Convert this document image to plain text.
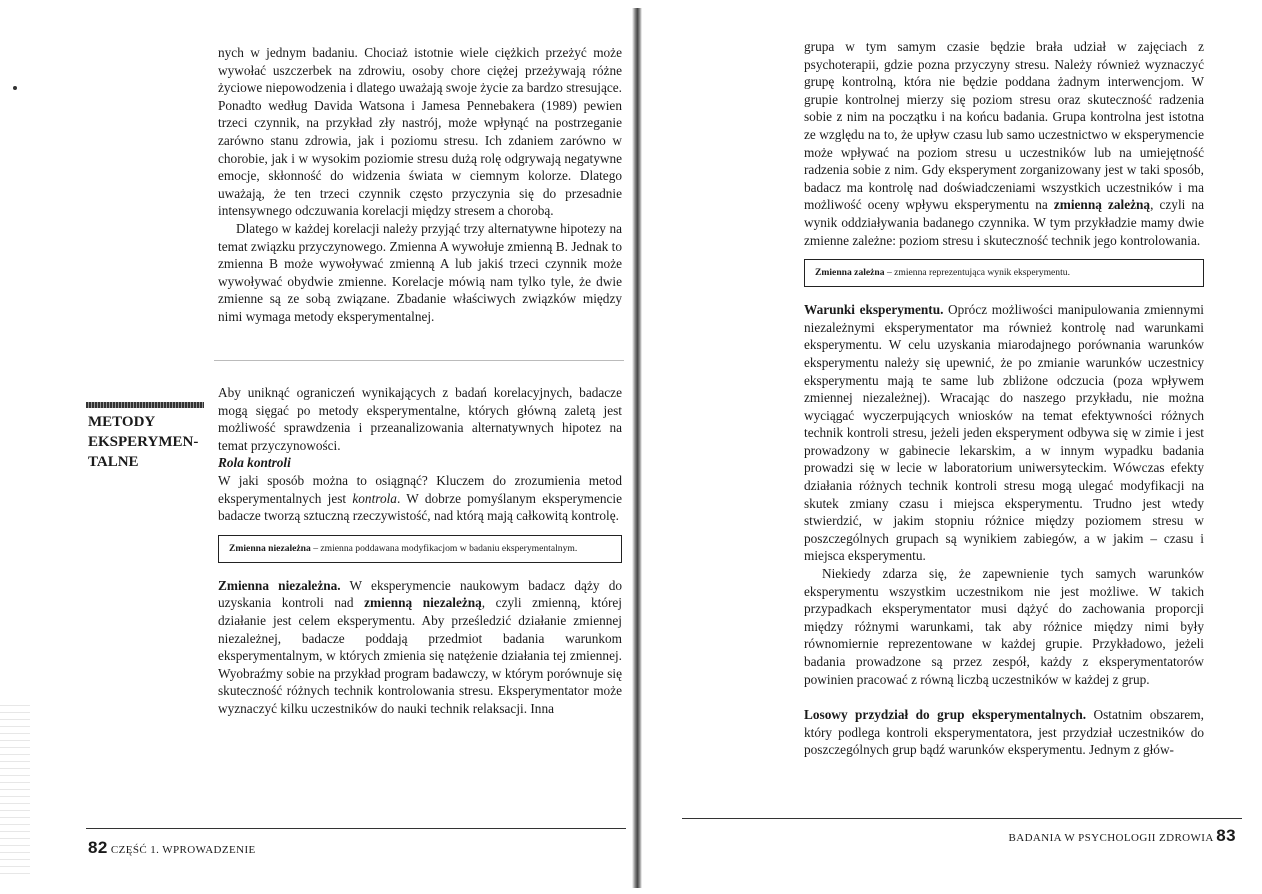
nych w jednym badaniu. Chociaż istotnie wiele ciężkich przeżyć może wywołać uszczerbek na zdrowiu, osoby chore ciężej przeżywają różne życiowe niepowodzenia i dlatego uważają swoje życie za bardzo stresujące. Ponadto według Davida Watsona i Jamesa Pennebakera (1989) pewien trzeci czynnik, na przykład zły nastrój, może wpłynąć na postrzeganie zarówno stanu zdrowia, jak i poziomu stresu. Ich zdaniem zarówno w chorobie, jak i w wysokim poziomie stresu dużą rolę odgrywają negatywne emocje, skłonność do widzenia świata w ciemnym kolorze. Dlatego uważają, że ten trzeci czynnik często przyczynia się do przesadnie intensywnego odczuwania korelacji między stresem a chorobą.

Dlatego w każdej korelacji należy przyjąć trzy alternatywne hipotezy na temat związku przyczynowego. Zmienna A wywołuje zmienną B. Jednak to zmienna B może wywoływać zmienną A lub jakiś trzeci czynnik może wywoływać obydwie zmienne. Korelacje mówią nam tylko tyle, że dwie zmienne są ze sobą związane. Zbadanie właściwych związków między nimi wymaga metody eksperymentalnej.

METODY EKSPERYMEN-TALNE

Aby uniknąć ograniczeń wynikających z badań korelacyjnych, badacze mogą sięgać po metody eksperymentalne, których główną zaletą jest możliwość sprawdzenia i przeanalizowania alternatywnych hipotez na temat przyczynowości.

Rola kontroli

W jaki sposób można to osiągnąć? Kluczem do zrozumienia metod eksperymentalnych jest kontrola. W dobrze pomyślanym eksperymencie badacze tworzą sztuczną rzeczywistość, nad którą mają całkowitą kontrolę.

Zmienna niezależna – zmienna poddawana modyfikacjom w badaniu eksperymentalnym.

Zmienna niezależna. W eksperymencie naukowym badacz dąży do uzyskania kontroli nad zmienną niezależną, czyli zmienną, której działanie jest celem eksperymentu. Aby prześledzić działanie zmiennej niezależnej, badacze poddają przedmiot badania warunkom eksperymentalnym, w których zmienia się natężenie działania tej zmiennej. Wyobraźmy sobie na przykład program badawczy, w którym porównuje się skuteczność różnych technik kontrolowania stresu. Eksperymentator może wyznaczyć kilku uczestników do nauki technik relaksacji. Inna

82 CZĘŚĆ 1. WPROWADZENIE

grupa w tym samym czasie będzie brała udział w zajęciach z psychoterapii, gdzie pozna przyczyny stresu. Należy również wyznaczyć grupę kontrolną, która nie będzie poddana żadnym interwencjom. W grupie kontrolnej mierzy się poziom stresu oraz skuteczność radzenia sobie z nim na początku i na końcu badania. Grupa kontrolna jest istotna ze względu na to, że upływ czasu lub samo uczestnictwo w eksperymencie może wpływać na poziom stresu u uczestników lub na umiejętność radzenia sobie z nim. Gdy eksperyment zorganizowany jest w taki sposób, badacz ma kontrolę nad doświadczeniami wszystkich uczestników i ma możliwość oceny wpływu eksperymentu na zmienną zależną, czyli na wynik oddziaływania badanego czynnika. W tym przykładzie mamy dwie zmienne zależne: poziom stresu i skuteczność technik jego kontrolowania.

Zmienna zależna – zmienna reprezentująca wynik eksperymentu.

Warunki eksperymentu. Oprócz możliwości manipulowania zmiennymi niezależnymi eksperymentator ma również kontrolę nad warunkami eksperymentu. W celu uzyskania miarodajnego porównania warunków eksperymentu należy się upewnić, że po zmianie warunków uczestnicy eksperymentu mają te same lub zbliżone odczucia (poza wpływem zmiennej niezależnej). Wracając do naszego przykładu, nie można wyciągać wyczerpujących wniosków na temat efektywności różnych technik kontroli stresu, jeżeli jeden eksperyment odbywa się w zimie i jest prowadzony w gabinecie lekarskim, a w innym wypadku badania prowadzi się w lecie w laboratorium uniwersyteckim. Wówczas efekty działania różnych technik kontroli stresu mogą ulegać modyfikacji na skutek zmiany czasu i miejsca eksperymentu. Trudno jest wtedy stwierdzić, w jakim stopniu różnice między poziomem stresu w poszczególnych grupach są wynikiem zabiegów, a w jakim – czasu i miejsca eksperymentu.

Niekiedy zdarza się, że zapewnienie tych samych warunków eksperymentu wszystkim uczestnikom nie jest możliwe. W takich przypadkach eksperymentator musi dążyć do zachowania proporcji między różnymi warunkami, tak aby różnice między nimi były równomiernie reprezentowane w każdej grupie. Przykładowo, jeżeli badania prowadzone są przez zespół, każdy z eksperymentatorów powinien pracować z równą liczbą uczestników w każdej z grup.

Losowy przydział do grup eksperymentalnych. Ostatnim obszarem, który podlega kontroli eksperymentatora, jest przydział uczestników do poszczególnych grup bądź warunków eksperymentu. Jednym z głów-

BADANIA W PSYCHOLOGII ZDROWIA 83
